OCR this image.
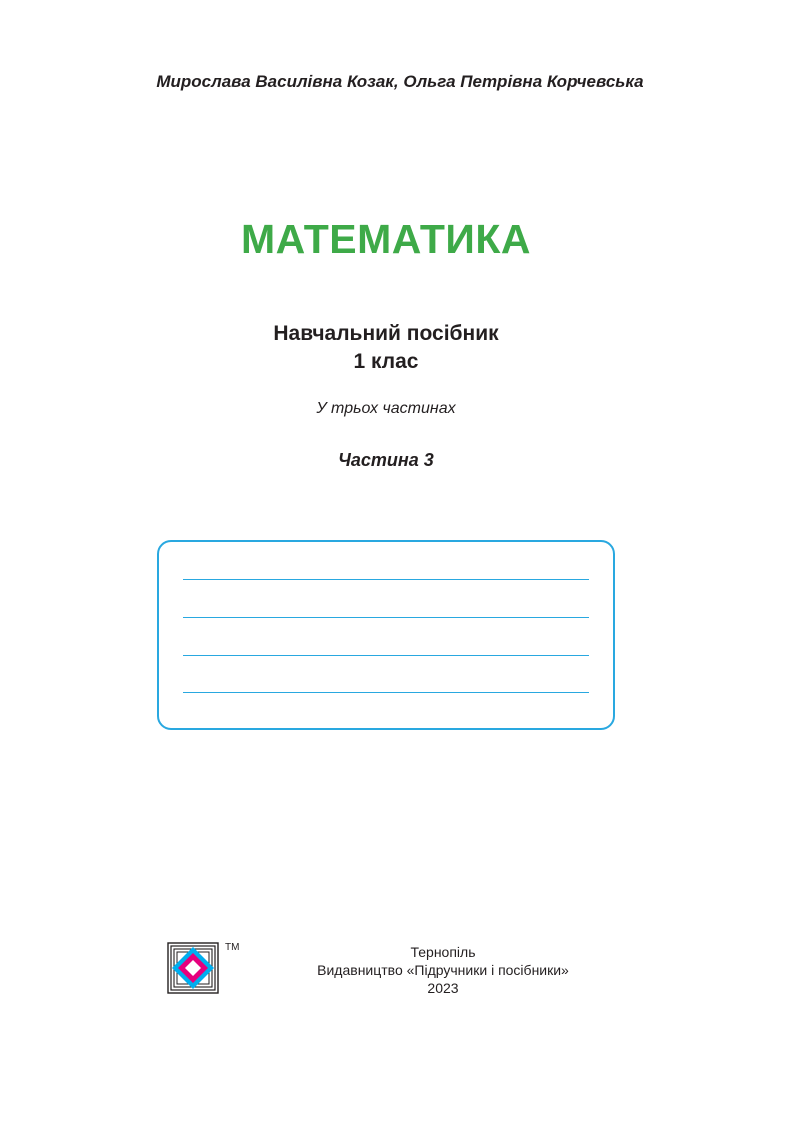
Мирослава Василівна Козак, Ольга Петрівна Корчевська
МАТЕМАТИКА
Навчальний посібник
1 клас
У трьох частинах
Частина 3
ТМ	Тернопіль
Видавництво «Підручники і посібники»
2023
